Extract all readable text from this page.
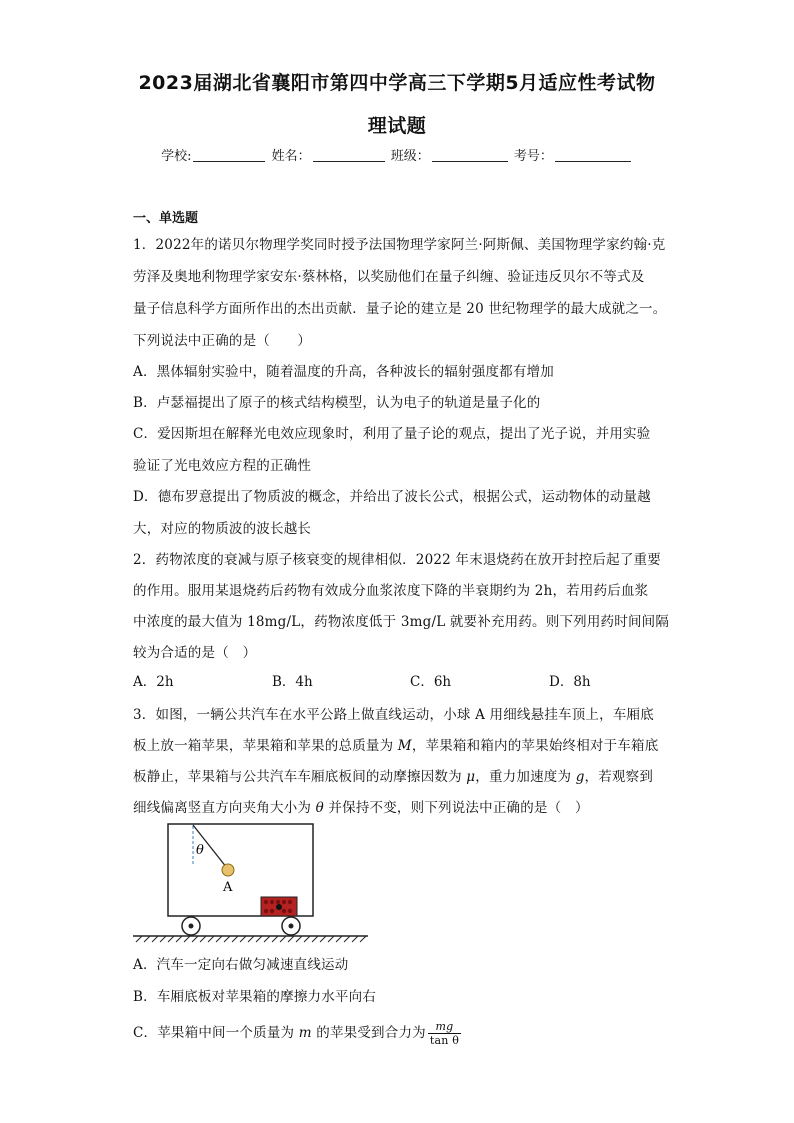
2023届湖北省襄阳市第四中学高三下学期5月适应性考试物
理试题
学校:	姓名：	班级：	考号：
一、单选题
1．2022年的诺贝尔物理学奖同时授予法国物理学家阿兰·阿斯佩、美国物理学家约翰·克
劳泽及奥地利物理学家安东·蔡林格，以奖励他们在量子纠缠、验证违反贝尔不等式及
量子信息科学方面所作出的杰出贡献．量子论的建立是 20 世纪物理学的最大成就之一。
下列说法中正确的是（　　）
A．黑体辐射实验中，随着温度的升高，各种波长的辐射强度都有增加
B．卢瑟福提出了原子的核式结构模型，认为电子的轨道是量子化的
C．爱因斯坦在解释光电效应现象时，利用了量子论的观点，提出了光子说，并用实验
验证了光电效应方程的正确性
D．德布罗意提出了物质波的概念，并给出了波长公式，根据公式，运动物体的动量越
大，对应的物质波的波长越长
2．药物浓度的衰减与原子核衰变的规律相似．2022 年末退烧药在放开封控后起了重要
的作用。服用某退烧药后药物有效成分血浆浓度下降的半衰期约为 2h，若用药后血浆
中浓度的最大值为 18mg/L，药物浓度低于 3mg/L 就要补充用药。则下列用药时间间隔
较为合适的是（　）
A．2h	B．4h	C．6h	D．8h
3．如图，一辆公共汽车在水平公路上做直线运动，小球 A 用细线悬挂车顶上，车厢底
板上放一箱苹果，苹果箱和苹果的总质量为 M，苹果箱和箱内的苹果始终相对于车箱底
板静止，苹果箱与公共汽车车厢底板间的动摩擦因数为 μ，重力加速度为 g，若观察到
细线偏离竖直方向夹角大小为 θ 并保持不变，则下列说法中正确的是（　）
θ
A
A．汽车一定向右做匀减速直线运动
B．车厢底板对苹果箱的摩擦力水平向右
C．苹果箱中间一个质量为 m 的苹果受到合力为 $\frac{mg}{\text{tan θ}}$
